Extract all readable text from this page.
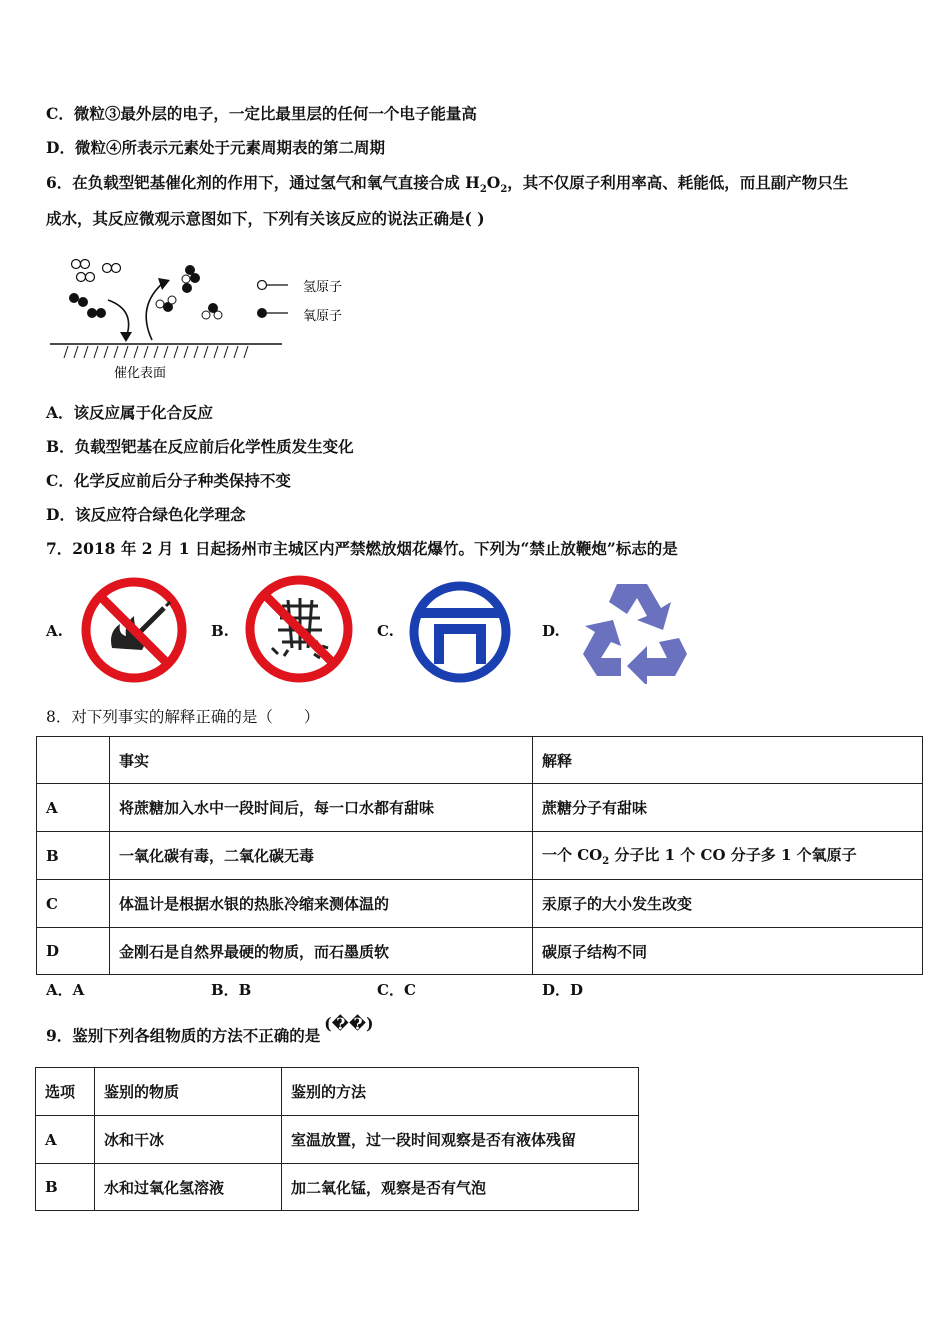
C．微粒③最外层的电子，一定比最里层的任何一个电子能量高
D．微粒④所表示元素处于元素周期表的第二周期
6．在负载型钯基催化剂的作用下，通过氢气和氧气直接合成 $H_2O_2$，其不仅原子利用率高、耗能低，而且副产物只生
成水，其反应微观示意图如下，下列有关该反应的说法正确是( )
氢原子
氧原子
催化表面
A．该反应属于化合反应
B．负载型钯基在反应前后化学性质发生变化
C．化学反应前后分子种类保持不变
D．该反应符合绿色化学理念
7．2018 年 2 月 1 日起扬州市主城区内严禁燃放烟花爆竹。下列为“禁止放鞭炮”标志的是
A.	B.	C.	D.
8．对下列事实的解释正确的是（　　）
	事实	解释
A	将蔗糖加入水中一段时间后，每一口水都有甜味	蔗糖分子有甜味
B	一氧化碳有毒，二氧化碳无毒	一个 $CO_2$ 分子比 1 个 CO 分子多 1 个氧原子
C	体温计是根据水银的热胀冷缩来测体温的	汞原子的大小发生改变
D	金刚石是自然界最硬的物质，而石墨质软	碳原子结构不同
A．A	B．B	C．C	D．D
9．鉴别下列各组物质的方法不正确的是(��)
选项	鉴别的物质	鉴别的方法
A	冰和干冰	室温放置，过一段时间观察是否有液体残留
B	水和过氧化氢溶液	加二氧化锰，观察是否有气泡
